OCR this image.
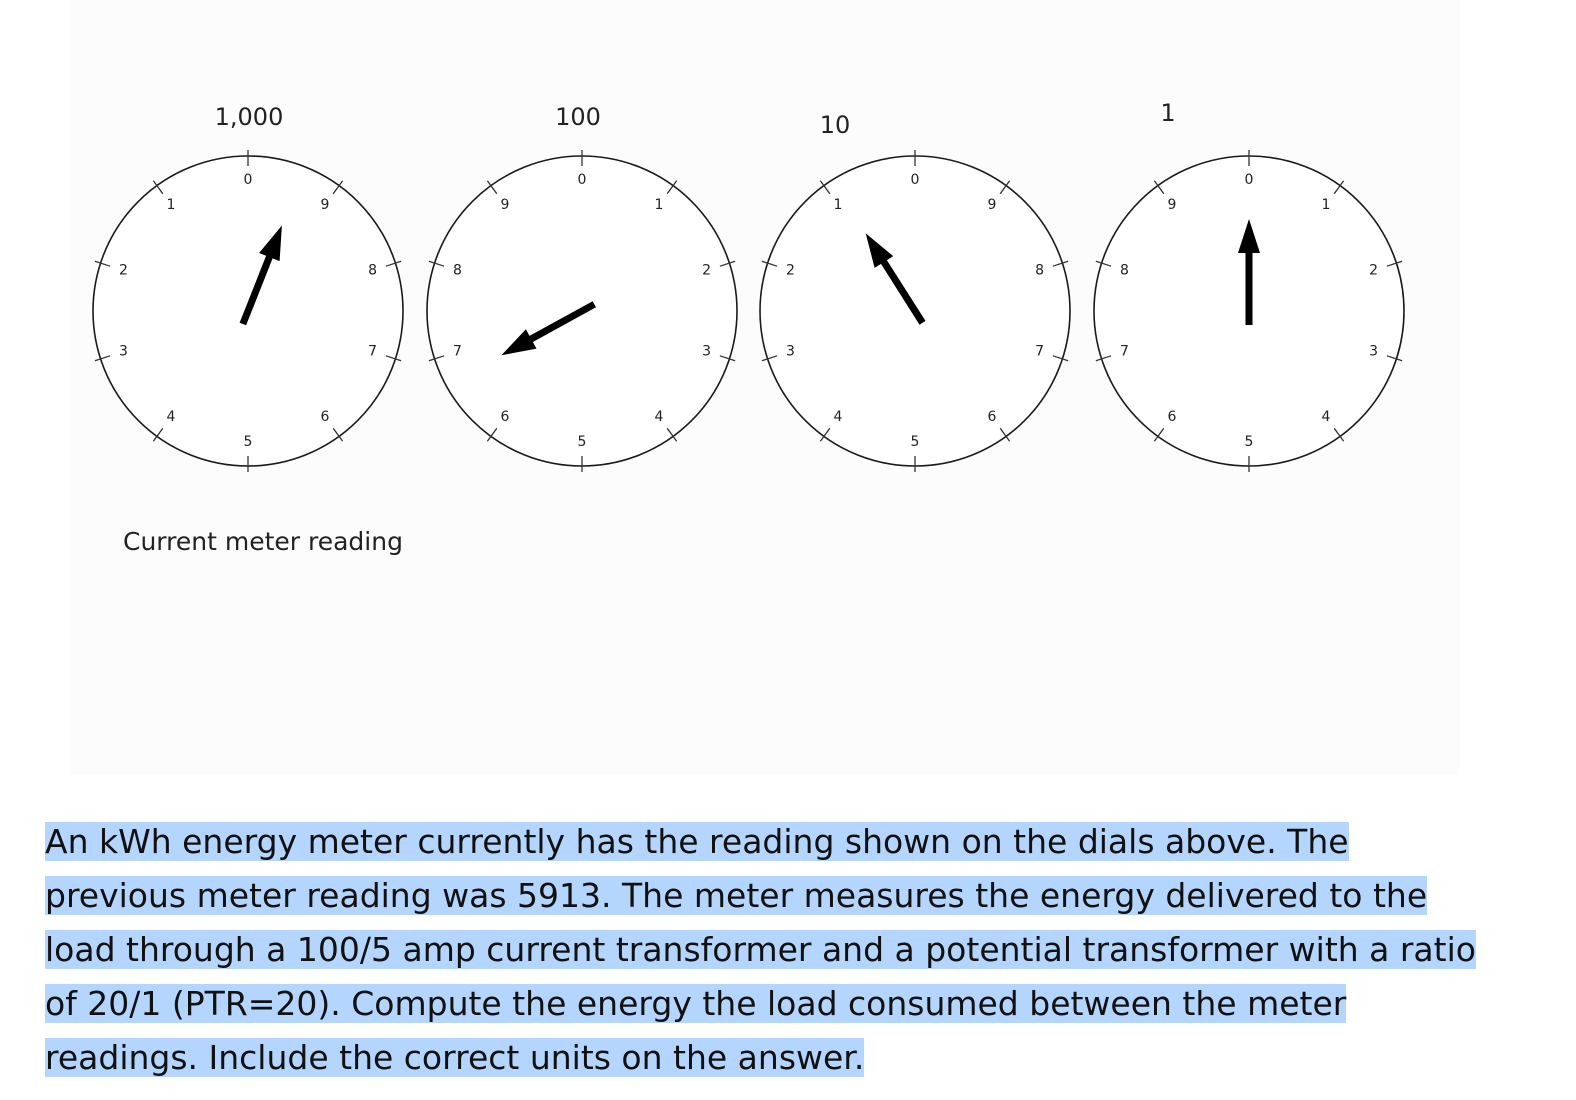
1,000
0
1
2
3
4
5
6
7
8
9
100
0
1
2
3
4
5
6
7
8
9
10
0
1
2
3
4
5
6
7
8
9
1
0
1
2
3
4
5
6
7
8
9
Current meter reading
An kWh energy meter currently has the reading shown on the dials above. The previous meter reading was 5913. The meter measures the energy delivered to the load through a 100/5 amp current transformer and a potential transformer with a ratio of 20/1 (PTR=20). Compute the energy the load consumed between the meter readings. Include the correct units on the answer.
